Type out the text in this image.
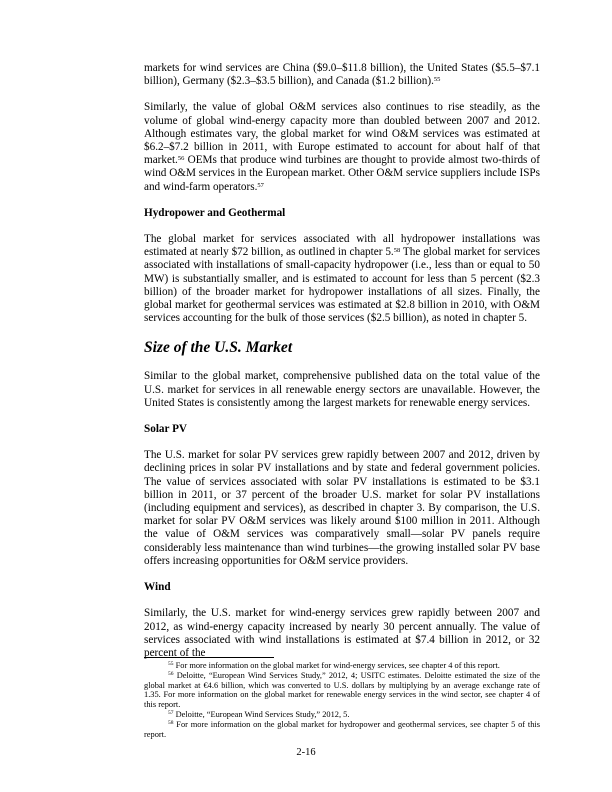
markets for wind services are China ($9.0–$11.8 billion), the United States ($5.5–$7.1 billion), Germany ($2.3–$3.5 billion), and Canada ($1.2 billion).$^{55}$

Similarly, the value of global O&M services also continues to rise steadily, as the volume of global wind-energy capacity more than doubled between 2007 and 2012. Although estimates vary, the global market for wind O&M services was estimated at $6.2–$7.2 billion in 2011, with Europe estimated to account for about half of that market.$^{56}$ OEMs that produce wind turbines are thought to provide almost two-thirds of wind O&M services in the European market. Other O&M service suppliers include ISPs and wind-farm operators.$^{57}$

Hydropower and Geothermal

The global market for services associated with all hydropower installations was estimated at nearly $72 billion, as outlined in chapter 5.58 The global market for services associated with installations of small-capacity hydropower (i.e., less than or equal to 50 MW) is substantially smaller, and is estimated to account for less than 5 percent ($2.3 billion) of the broader market for hydropower installations of all sizes. Finally, the global market for geothermal services was estimated at $2.8 billion in 2010, with O&M services accounting for the bulk of those services ($2.5 billion), as noted in chapter 5.

Size of the U.S. Market

Similar to the global market, comprehensive published data on the total value of the U.S. market for services in all renewable energy sectors are unavailable. However, the United States is consistently among the largest markets for renewable energy services.

Solar PV

The U.S. market for solar PV services grew rapidly between 2007 and 2012, driven by declining prices in solar PV installations and by state and federal government policies. The value of services associated with solar PV installations is estimated to be $3.1 billion in 2011, or 37 percent of the broader U.S. market for solar PV installations (including equipment and services), as described in chapter 3. By comparison, the U.S. market for solar PV O&M services was likely around $100 million in 2011. Although the value of O&M services was comparatively small—solar PV panels require considerably less maintenance than wind turbines—the growing installed solar PV base offers increasing opportunities for O&M service providers.

Wind

Similarly, the U.S. market for wind-energy services grew rapidly between 2007 and 2012, as wind-energy capacity increased by nearly 30 percent annually. The value of services associated with wind installations is estimated at $7.4 billion in 2012, or 32 percent of the

$^{55}$ For more information on the global market for wind-energy services, see chapter 4 of this report.

$^{56}$ Deloitte, “European Wind Services Study,” 2012, 4; USITC estimates. Deloitte estimated the size of the global market at €4.6 billion, which was converted to U.S. dollars by multiplying by an average exchange rate of 1.35. For more information on the global market for renewable energy services in the wind sector, see chapter 4 of this report.

$^{57}$ Deloitte, “European Wind Services Study,” 2012, 5.

$^{58}$ For more information on the global market for hydropower and geothermal services, see chapter 5 of this report.

2-16
